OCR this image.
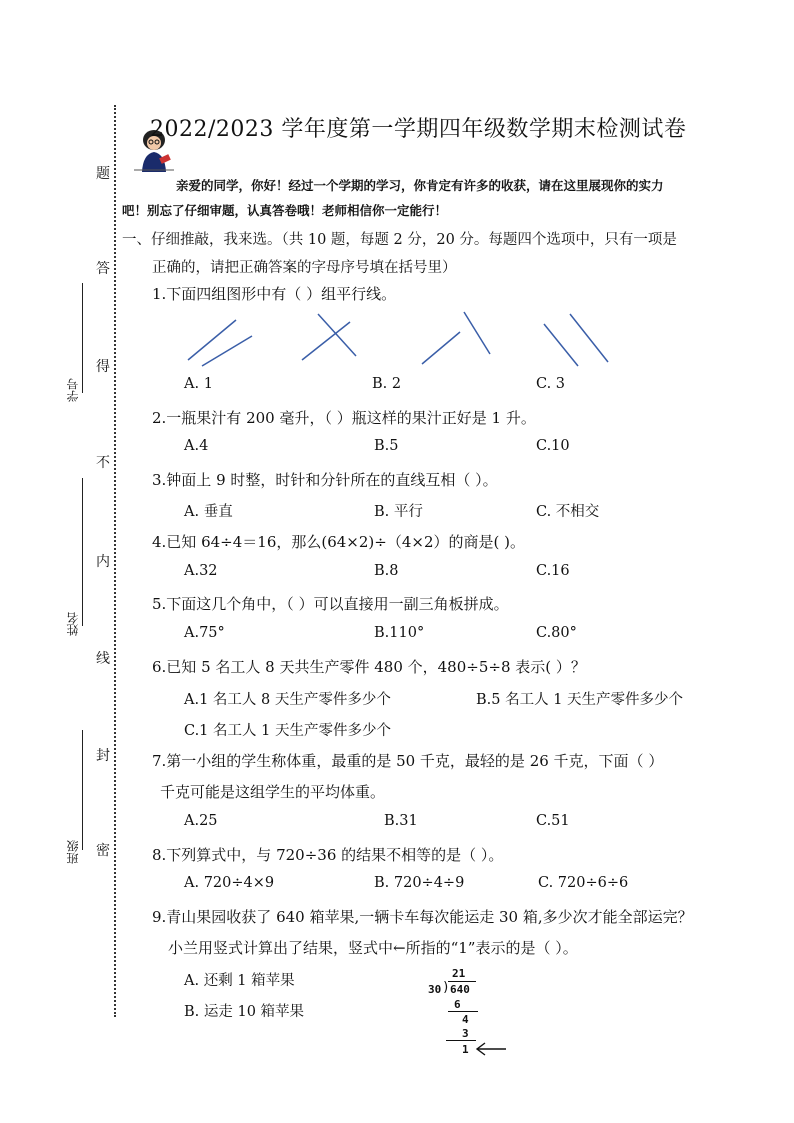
题
答
得
不
内
线
封
密
学号
姓名
班级
2022/2023 学年度第一学期四年级数学期末检测试卷
亲爱的同学，你好！经过一个学期的学习，你肯定有许多的收获，请在这里展现你的实力
吧！别忘了仔细审题，认真答卷哦！老师相信你一定能行！
一、仔细推敲，我来选。（共 10 题，每题 2 分，20 分。每题四个选项中，只有一项是
正确的，请把正确答案的字母序号填在括号里）
1.下面四组图形中有（ ）组平行线。
A. 1	B. 2	C. 3
2.一瓶果汁有 200 毫升，（ ）瓶这样的果汁正好是 1 升。
A.4	B.5	C.10
3.钟面上 9 时整，时针和分针所在的直线互相（ ）。
A. 垂直	B. 平行	C. 不相交
4.已知 64÷4＝16，那么(64×2)÷（4×2）的商是( )。
A.32	B.8	C.16
5.下面这几个角中，（ ）可以直接用一副三角板拼成。
A.75°	B.110°	C.80°
6.已知 5 名工人 8 天共生产零件 480 个，480÷5÷8 表示( ）？
A.1 名工人 8 天生产零件多少个	B.5 名工人 1 天生产零件多少个
C.1 名工人 1 天生产零件多少个
7.第一小组的学生称体重，最重的是 50 千克，最轻的是 26 千克，下面（ ）
千克可能是这组学生的平均体重。
A.25	B.31	C.51
8.下列算式中，与 720÷36 的结果不相等的是（ ）。
A. 720÷4×9	B. 720÷4÷9	C. 720÷6÷6
9.青山果园收获了 640 箱苹果,一辆卡车每次能运走 30 箱,多少次才能全部运完？
小兰用竖式计算出了结果，竖式中←所指的“1”表示的是（ ）。
A. 还剩 1 箱苹果
B. 运走 10 箱苹果
21
30 ) 640
6
4
3
1
